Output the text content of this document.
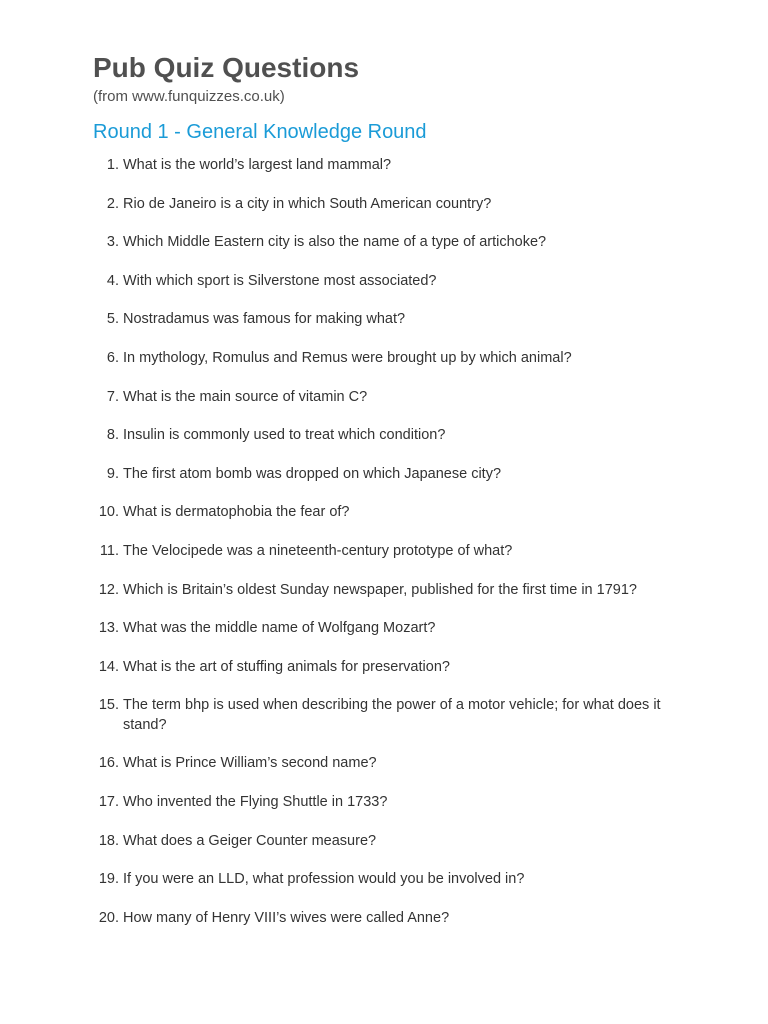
Pub Quiz Questions
(from www.funquizzes.co.uk)
Round 1 - General Knowledge Round
1. What is the world’s largest land mammal?
2. Rio de Janeiro is a city in which South American country?
3. Which Middle Eastern city is also the name of a type of artichoke?
4. With which sport is Silverstone most associated?
5. Nostradamus was famous for making what?
6. In mythology, Romulus and Remus were brought up by which animal?
7. What is the main source of vitamin C?
8. Insulin is commonly used to treat which condition?
9. The first atom bomb was dropped on which Japanese city?
10. What is dermatophobia the fear of?
11. The Velocipede was a nineteenth-century prototype of what?
12. Which is Britain’s oldest Sunday newspaper, published for the first time in 1791?
13. What was the middle name of Wolfgang Mozart?
14. What is the art of stuffing animals for preservation?
15. The term bhp is used when describing the power of a motor vehicle; for what does it stand?
16. What is Prince William’s second name?
17. Who invented the Flying Shuttle in 1733?
18. What does a Geiger Counter measure?
19. If you were an LLD, what profession would you be involved in?
20. How many of Henry VIII’s wives were called Anne?
